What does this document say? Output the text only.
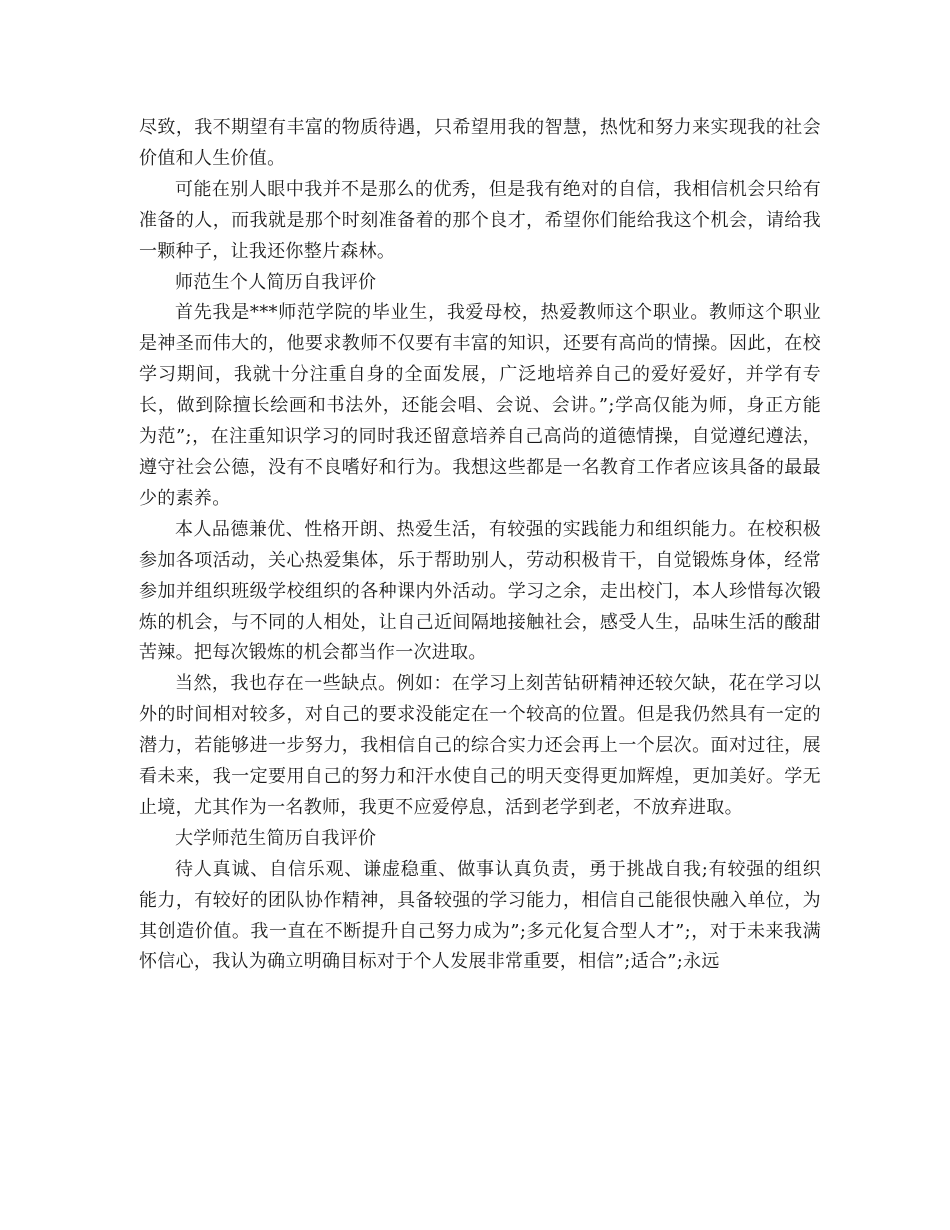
尽致，我不期望有丰富的物质待遇，只希望用我的智慧，热忱和努力来实现我的社会价值和人生价值。

可能在别人眼中我并不是那么的优秀，但是我有绝对的自信，我相信机会只给有准备的人，而我就是那个时刻准备着的那个良才，希望你们能给我这个机会，请给我一颗种子，让我还你整片森林。

师范生个人简历自我评价

首先我是***师范学院的毕业生，我爱母校，热爱教师这个职业。教师这个职业是神圣而伟大的，他要求教师不仅要有丰富的知识，还要有高尚的情操。因此，在校学习期间，我就十分注重自身的全面发展，广泛地培养自己的爱好爱好，并学有专长，做到除擅长绘画和书法外，还能会唱、会说、会讲。”;学高仅能为师，身正方能为范”;，在注重知识学习的同时我还留意培养自己高尚的道德情操，自觉遵纪遵法，遵守社会公德，没有不良嗜好和行为。我想这些都是一名教育工作者应该具备的最最少的素养。

本人品德兼优、性格开朗、热爱生活，有较强的实践能力和组织能力。在校积极参加各项活动，关心热爱集体，乐于帮助别人，劳动积极肯干，自觉锻炼身体，经常参加并组织班级学校组织的各种课内外活动。学习之余，走出校门，本人珍惜每次锻炼的机会，与不同的人相处，让自己近间隔地接触社会，感受人生，品味生活的酸甜苦辣。把每次锻炼的机会都当作一次进取。

当然，我也存在一些缺点。例如：在学习上刻苦钻研精神还较欠缺，花在学习以外的时间相对较多，对自己的要求没能定在一个较高的位置。但是我仍然具有一定的潜力，若能够进一步努力，我相信自己的综合实力还会再上一个层次。面对过往，展看未来，我一定要用自己的努力和汗水使自己的明天变得更加辉煌，更加美好。学无止境，尤其作为一名教师，我更不应爱停息，活到老学到老，不放弃进取。

大学师范生简历自我评价

待人真诚、自信乐观、谦虚稳重、做事认真负责，勇于挑战自我;有较强的组织能力，有较好的团队协作精神，具备较强的学习能力，相信自己能很快融入单位，为其创造价值。我一直在不断提升自己努力成为”;多元化复合型人才”;，对于未来我满怀信心，我认为确立明确目标对于个人发展非常重要，相信”;适合”;永远
